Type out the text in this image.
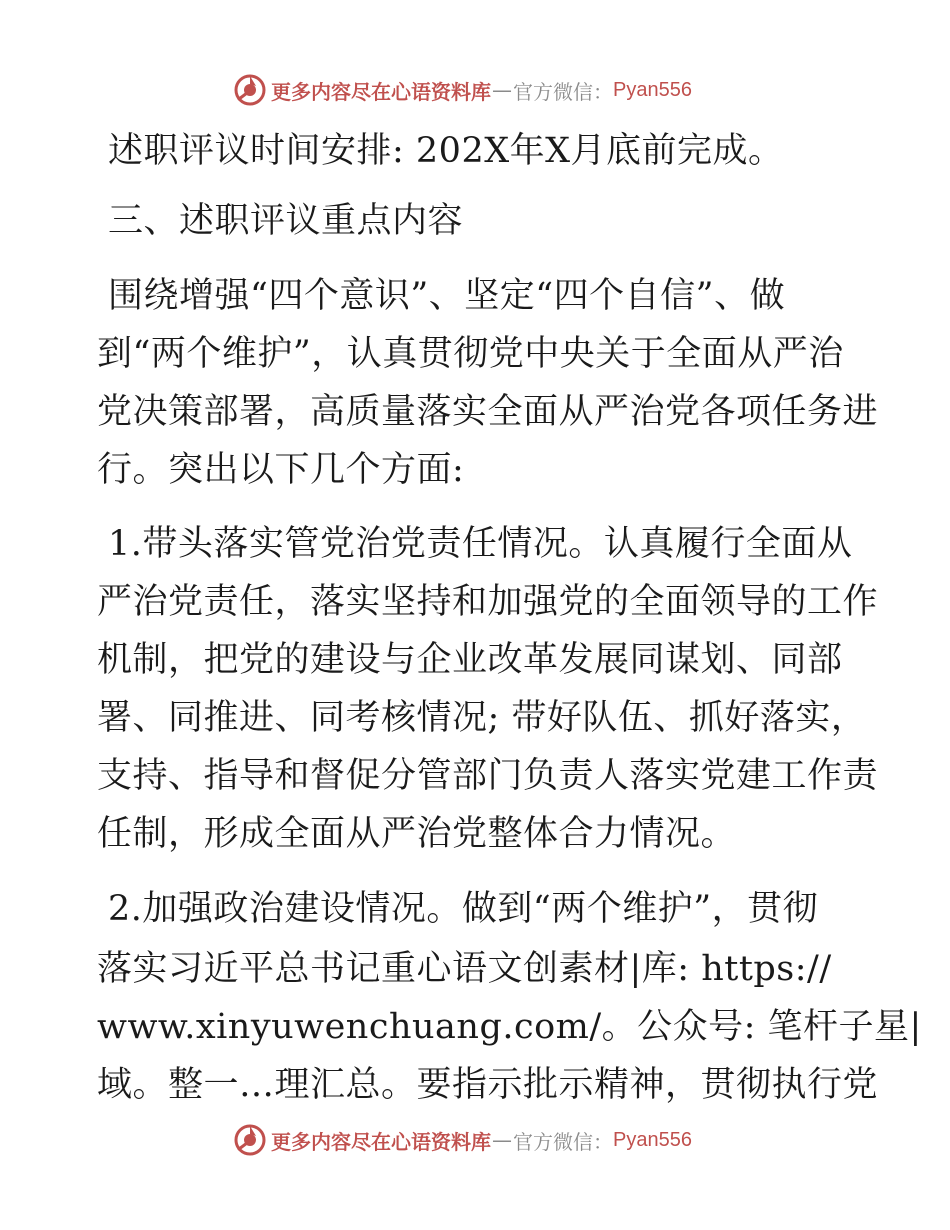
更多内容尽在心语资料库 — 官方微信： Pyan556
述职评议时间安排: 202X年X月底前完成。
三、述职评议重点内容
围绕增强“四个意识”、坚定“四个自信”、做
到“两个维护”，认真贯彻党中央关于全面从严治
党决策部署，高质量落实全面从严治党各项任务进
行。突出以下几个方面:
1.带头落实管党治党责任情况。认真履行全面从
严治党责任，落实坚持和加强党的全面领导的工作
机制，把党的建设与企业改革发展同谋划、同部
署、同推进、同考核情况; 带好队伍、抓好落实，
支持、指导和督促分管部门负责人落实党建工作责
任制，形成全面从严治党整体合力情况。
2.加强政治建设情况。做到“两个维护”，贯彻
落实习近平总书记重心语文创素材|库: https://
www.xinyuwenchuang.com/。公众号: 笔杆子星|
域。整一…理汇总。要指示批示精神，贯彻执行党
更多内容尽在心语资料库 — 官方微信： Pyan556
